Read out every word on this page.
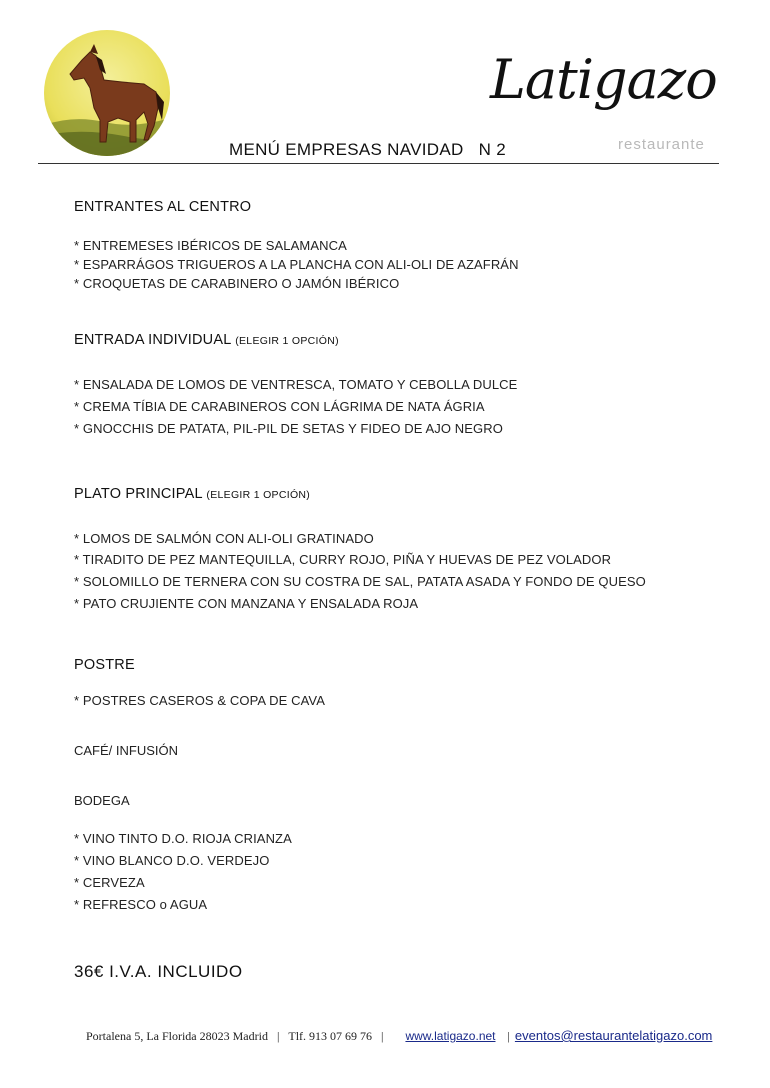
Latigazo
restaurante
MENÚ EMPRESAS NAVIDAD   N 2
ENTRANTES AL CENTRO
* ENTREMESES IBÉRICOS DE SALAMANCA
* ESPARRÁGOS TRIGUEROS A LA PLANCHA CON ALI-OLI DE AZAFRÁN
* CROQUETAS DE CARABINERO O JAMÓN IBÉRICO
ENTRADA INDIVIDUAL (ELEGIR 1 OPCIÓN)
* ENSALADA DE LOMOS DE VENTRESCA, TOMATO Y CEBOLLA DULCE
* CREMA TÍBIA DE CARABINEROS CON LÁGRIMA DE NATA ÁGRIA
* GNOCCHIS DE PATATA, PIL-PIL DE SETAS Y FIDEO DE AJO NEGRO
PLATO PRINCIPAL (ELEGIR 1 OPCIÓN)
* LOMOS DE SALMÓN CON ALI-OLI GRATINADO
* TIRADITO DE PEZ MANTEQUILLA, CURRY ROJO, PIÑA Y HUEVAS DE PEZ VOLADOR
* SOLOMILLO DE TERNERA CON SU COSTRA DE SAL, PATATA ASADA Y FONDO DE QUESO
* PATO CRUJIENTE CON MANZANA Y ENSALADA ROJA
POSTRE
* POSTRES CASEROS & COPA DE CAVA
CAFÉ/ INFUSIÓN
BODEGA
* VINO TINTO D.O. RIOJA CRIANZA
* VINO BLANCO D.O. VERDEJO
* CERVEZA
* REFRESCO o AGUA
36€ I.V.A. INCLUIDO
Portalena 5, La Florida 28023 Madrid | Tlf. 913 07 69 76 | www.latigazo.net | eventos@restaurantelatigazo.com
